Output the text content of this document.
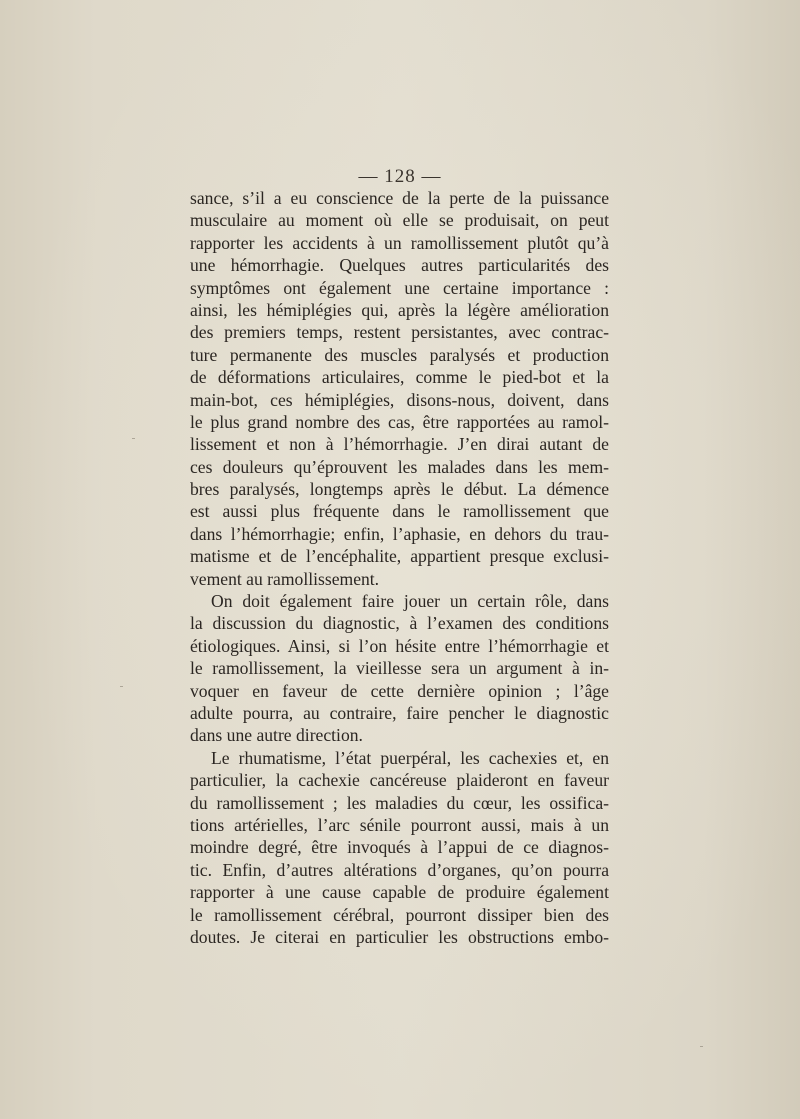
— 128 —
sance, s’il a eu conscience de la perte de la puissance
musculaire au moment où elle se produisait, on peut
rapporter les accidents à un ramollissement plutôt qu’à
une hémorrhagie. Quelques autres particularités des
symptômes ont également une certaine importance :
ainsi, les hémiplégies qui, après la légère amélioration
des premiers temps, restent persistantes, avec contrac-
ture permanente des muscles paralysés et production
de déformations articulaires, comme le pied-bot et la
main-bot, ces hémiplégies, disons-nous, doivent, dans
le plus grand nombre des cas, être rapportées au ramol-
lissement et non à l’hémorrhagie. J’en dirai autant de
ces douleurs qu’éprouvent les malades dans les mem-
bres paralysés, longtemps après le début. La démence
est aussi plus fréquente dans le ramollissement que
dans l’hémorrhagie; enfin, l’aphasie, en dehors du trau-
matisme et de l’encéphalite, appartient presque exclusi-
vement au ramollissement.
On doit également faire jouer un certain rôle, dans
la discussion du diagnostic, à l’examen des conditions
étiologiques. Ainsi, si l’on hésite entre l’hémorrhagie et
le ramollissement, la vieillesse sera un argument à in-
voquer en faveur de cette dernière opinion ; l’âge
adulte pourra, au contraire, faire pencher le diagnostic
dans une autre direction.
Le rhumatisme, l’état puerpéral, les cachexies et, en
particulier, la cachexie cancéreuse plaideront en faveur
du ramollissement ; les maladies du cœur, les ossifica-
tions artérielles, l’arc sénile pourront aussi, mais à un
moindre degré, être invoqués à l’appui de ce diagnos-
tic. Enfin, d’autres altérations d’organes, qu’on pourra
rapporter à une cause capable de produire également
le ramollissement cérébral, pourront dissiper bien des
doutes. Je citerai en particulier les obstructions embo-
